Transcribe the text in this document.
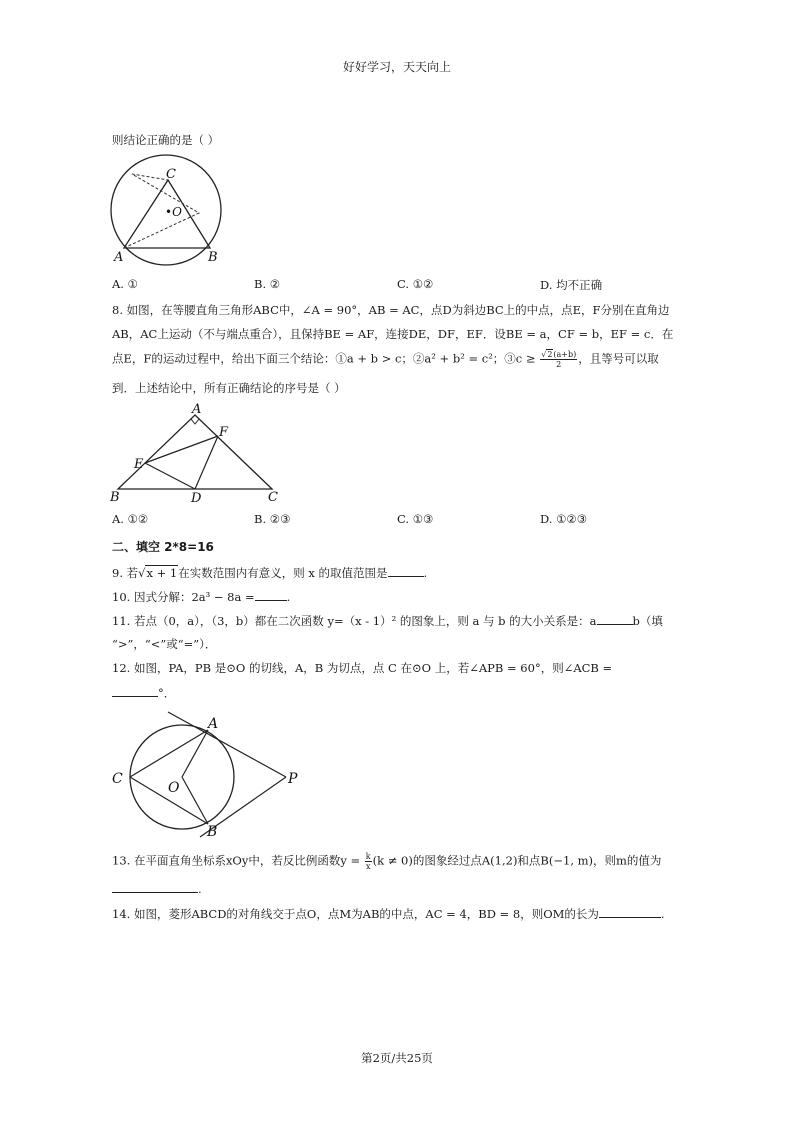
好好学习，天天向上
则结论正确的是（ ）
A	B
C
•O
A. ①	B. ②	C. ①②	D. 均不正确
8. 如图，在等腰直角三角形ABC中，∠A = 90°，AB = AC，点D为斜边BC上的中点，点E，F分别在直角边
AB，AC上运动（不与端点重合），且保持BE = AF，连接DE，DF，EF．设BE = a，CF = b，EF = c．在
点E，F的运动过程中，给出下面三个结论：①a + b > c；②a² + b² = c²；③c ≥ $\frac{√2(a+b)}{2}$ ，且等号可以取
到．上述结论中，所有正确结论的序号是（ ）
A
B	C
D
E
F
A. ①②	B. ②③	C. ①③	D. ①②③
二、填空 2*8=16
9. 若√x + 1在实数范围内有意义，则 x 的取值范围是	.
10. 因式分解：2a³ − 8a =	.
11. 若点（0，a），（3，b）都在二次函数 y=（x - 1）² 的图象上，则 a 与 b 的大小关系是：a	b（填
“>”，“<”或“=”）．
12. 如图，PA，PB 是⊙O 的切线，A，B 为切点，点 C 在⊙O 上，若∠APB = 60°，则∠ACB =
°．
A
B
C
O
P
13. 在平面直角坐标系xOy中，若反比例函数$y = \frac{k}{x} (k \ne 0)$的图象经过点A(1,2)和点B(−1, m)，则m的值为
.
14. 如图，菱形ABCD的对角线交于点O，点M为AB的中点，AC = 4，BD = 8，则OM的长为	.
第2页/共25页
